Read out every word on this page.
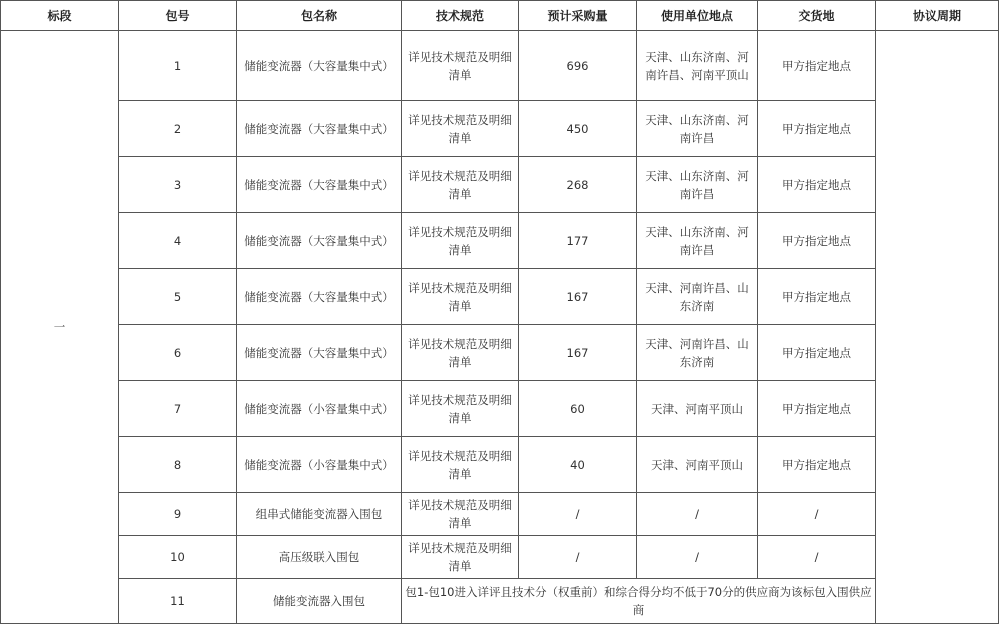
标段	包号	包名称	技术规范	预计采购量	使用单位地点	交货地	协议周期
一	1	储能变流器（大容量集中式）	详见技术规范及明细清单	696	天津、山东济南、河南许昌、河南平顶山	甲方指定地点	
	2	储能变流器（大容量集中式）	详见技术规范及明细清单	450	天津、山东济南、河南许昌	甲方指定地点	
	3	储能变流器（大容量集中式）	详见技术规范及明细清单	268	天津、山东济南、河南许昌	甲方指定地点	
	4	储能变流器（大容量集中式）	详见技术规范及明细清单	177	天津、山东济南、河南许昌	甲方指定地点	
	5	储能变流器（大容量集中式）	详见技术规范及明细清单	167	天津、河南许昌、山东济南	甲方指定地点	
	6	储能变流器（大容量集中式）	详见技术规范及明细清单	167	天津、河南许昌、山东济南	甲方指定地点	
	7	储能变流器（小容量集中式）	详见技术规范及明细清单	60	天津、河南平顶山	甲方指定地点	
	8	储能变流器（小容量集中式）	详见技术规范及明细清单	40	天津、河南平顶山	甲方指定地点	
	9	组串式储能变流器入围包	详见技术规范及明细清单	/	/	/	
	10	高压级联入围包	详见技术规范及明细清单	/	/	/	
	11	储能变流器入围包	包1-包10进入详评且技术分（权重前）和综合得分均不低于70分的供应商为该标包入围供应商				
